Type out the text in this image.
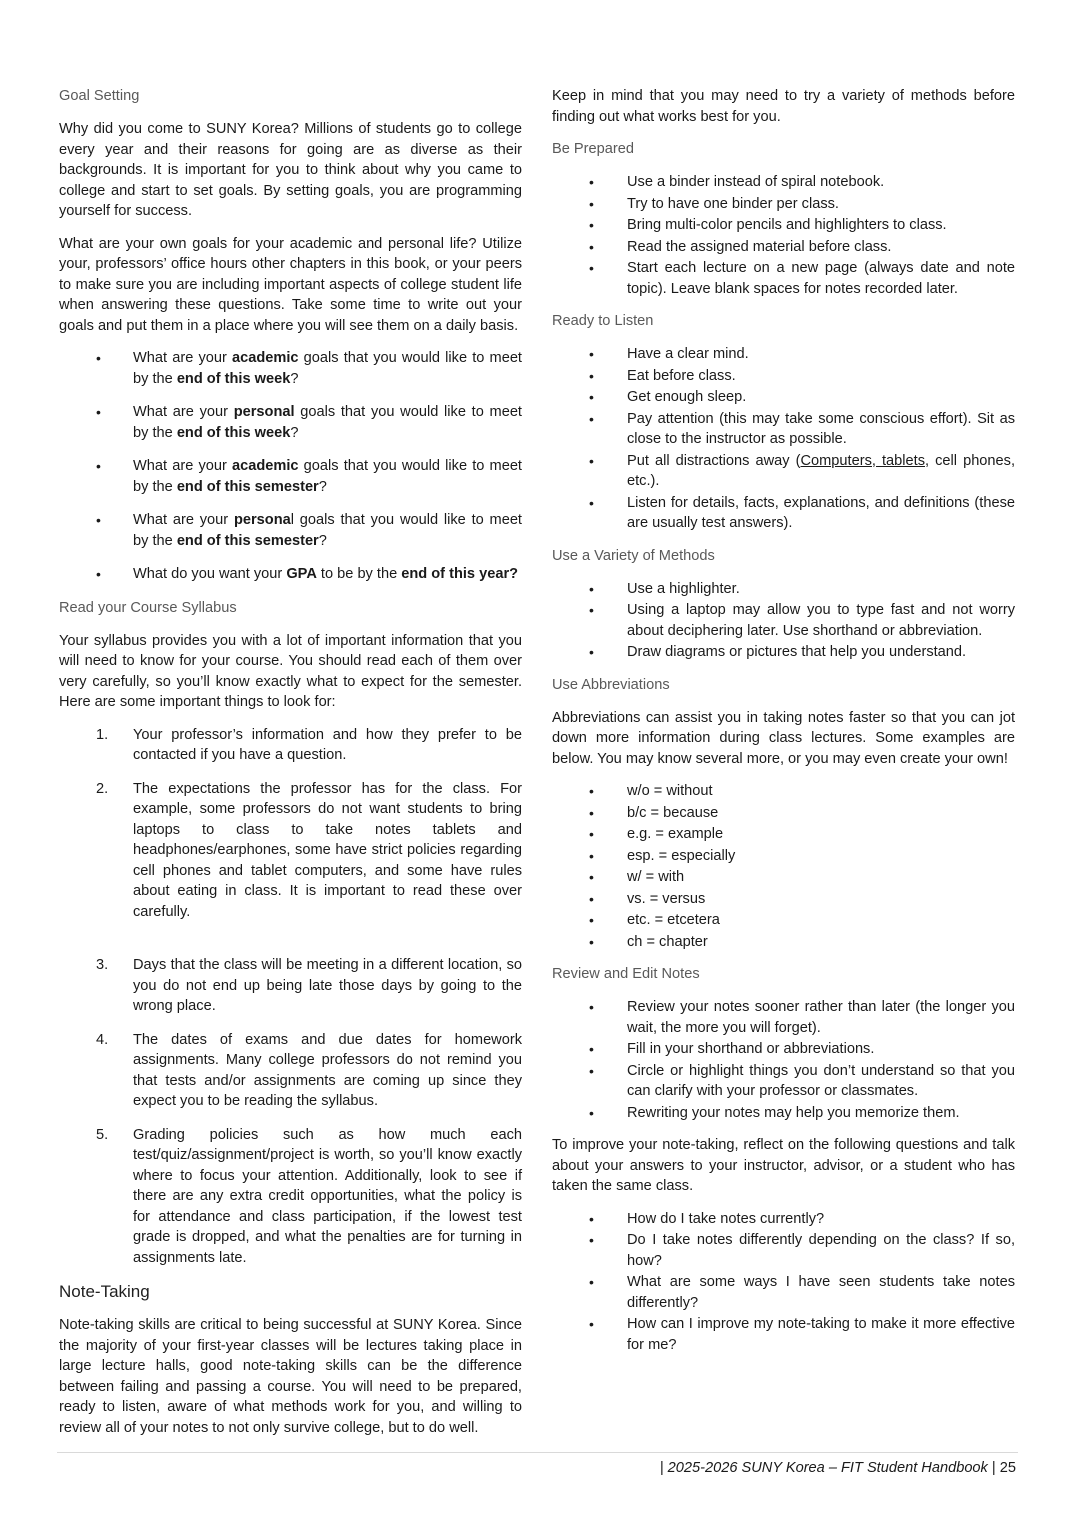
Goal Setting

Why did you come to SUNY Korea? Millions of students go to college every year and their reasons for going are as diverse as their backgrounds. It is important for you to think about why you came to college and start to set goals. By setting goals, you are programming yourself for success.

What are your own goals for your academic and personal life? Utilize your, professors’ office hours other chapters in this book, or your peers to make sure you are including important aspects of college student life when answering these questions. Take some time to write out your goals and put them in a place where you will see them on a daily basis.

• What are your academic goals that you would like to meet by the end of this week?
• What are your personal goals that you would like to meet by the end of this week?
• What are your academic goals that you would like to meet by the end of this semester?
• What are your personal goals that you would like to meet by the end of this semester?
• What do you want your GPA to be by the end of this year?
Read your Course Syllabus

Your syllabus provides you with a lot of important information that you will need to know for your course. You should read each of them over very carefully, so you’ll know exactly what to expect for the semester. Here are some important things to look for:

1. Your professor’s information and how they prefer to be contacted if you have a question.
2. The expectations the professor has for the class. For example, some professors do not want students to bring laptops to class to take notes tablets and headphones/earphones, some have strict policies regarding cell phones and tablet computers, and some have rules about eating in class. It is important to read these over carefully.
3. Days that the class will be meeting in a different location, so you do not end up being late those days by going to the wrong place.
4. The dates of exams and due dates for homework assignments. Many college professors do not remind you that tests and/or assignments are coming up since they expect you to be reading the syllabus.
5. Grading policies such as how much each test/quiz/assignment/project is worth, so you’ll know exactly where to focus your attention. Additionally, look to see if there are any extra credit opportunities, what the policy is for attendance and class participation, if the lowest test grade is dropped, and what the penalties are for turning in assignments late.
Note-Taking

Note-taking skills are critical to being successful at SUNY Korea. Since the majority of your first-year classes will be lectures taking place in large lecture halls, good note-taking skills can be the difference between failing and passing a course. You will need to be prepared, ready to listen, aware of what methods work for you, and willing to review all of your notes to not only survive college, but to do well.

Keep in mind that you may need to try a variety of methods before finding out what works best for you.

Be Prepared
• Use a binder instead of spiral notebook.
• Try to have one binder per class.
• Bring multi-color pencils and highlighters to class.
• Read the assigned material before class.
• Start each lecture on a new page (always date and note topic). Leave blank spaces for notes recorded later.
Ready to Listen
• Have a clear mind.
• Eat before class.
• Get enough sleep.
• Pay attention (this may take some conscious effort). Sit as close to the instructor as possible.
• Put all distractions away (Computers, tablets, cell phones, etc.).
• Listen for details, facts, explanations, and definitions (these are usually test answers).
Use a Variety of Methods
• Use a highlighter.
• Using a laptop may allow you to type fast and not worry about deciphering later. Use shorthand or abbreviation.
• Draw diagrams or pictures that help you understand.
Use Abbreviations

Abbreviations can assist you in taking notes faster so that you can jot down more information during class lectures. Some examples are below. You may know several more, or you may even create your own!

• w/o = without
• b/c = because
• e.g. = example
• esp. = especially
• w/ = with
• vs. = versus
• etc. = etcetera
• ch = chapter
Review and Edit Notes
• Review your notes sooner rather than later (the longer you wait, the more you will forget).
• Fill in your shorthand or abbreviations.
• Circle or highlight things you don’t understand so that you can clarify with your professor or classmates.
• Rewriting your notes may help you memorize them.

To improve your note-taking, reflect on the following questions and talk about your answers to your instructor, advisor, or a student who has taken the same class.

• How do I take notes currently?
• Do I take notes differently depending on the class? If so, how?
• What are some ways I have seen students take notes differently?
• How can I improve my note-taking to make it more effective for me?
| 2025-2026 SUNY Korea – FIT Student Handbook | 25
